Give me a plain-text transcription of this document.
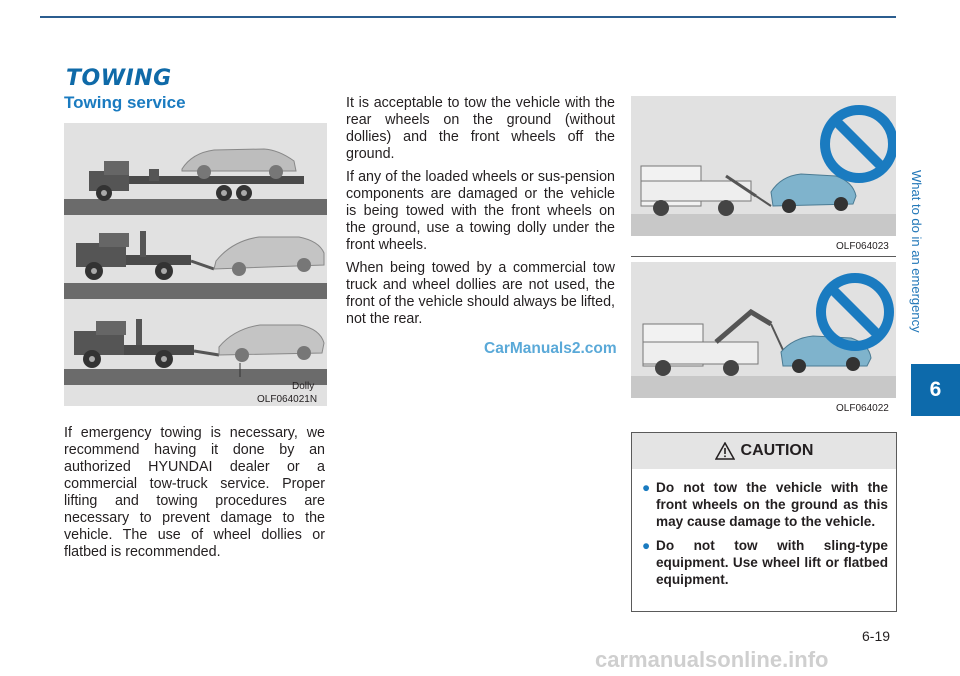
TOWING
Towing service
Dolly
OLF064021N

If emergency towing is necessary, we recommend having it done by an authorized HYUNDAI dealer or a commercial tow-truck service. Proper lifting and towing procedures are necessary to prevent damage to the vehicle. The use of wheel dollies or flatbed is recommended.

It is acceptable to tow the vehicle with the rear wheels on the ground (without dollies) and the front wheels off the ground.

If any of the loaded wheels or sus-pension components are damaged or the vehicle is being towed with the front wheels on the ground, use a towing dolly under the front wheels.

When being towed by a commercial tow truck and wheel dollies are not used, the front of the vehicle should always be lifted, not the rear.

CarManuals2.com
OLF064023
OLF064022
CAUTION
● Do not tow the vehicle with the front wheels on the ground as this may cause damage to the vehicle.
● Do not tow with sling-type equipment. Use wheel lift or flatbed equipment.
What to do in an emergency
6
6-19
carmanualsonline.info
